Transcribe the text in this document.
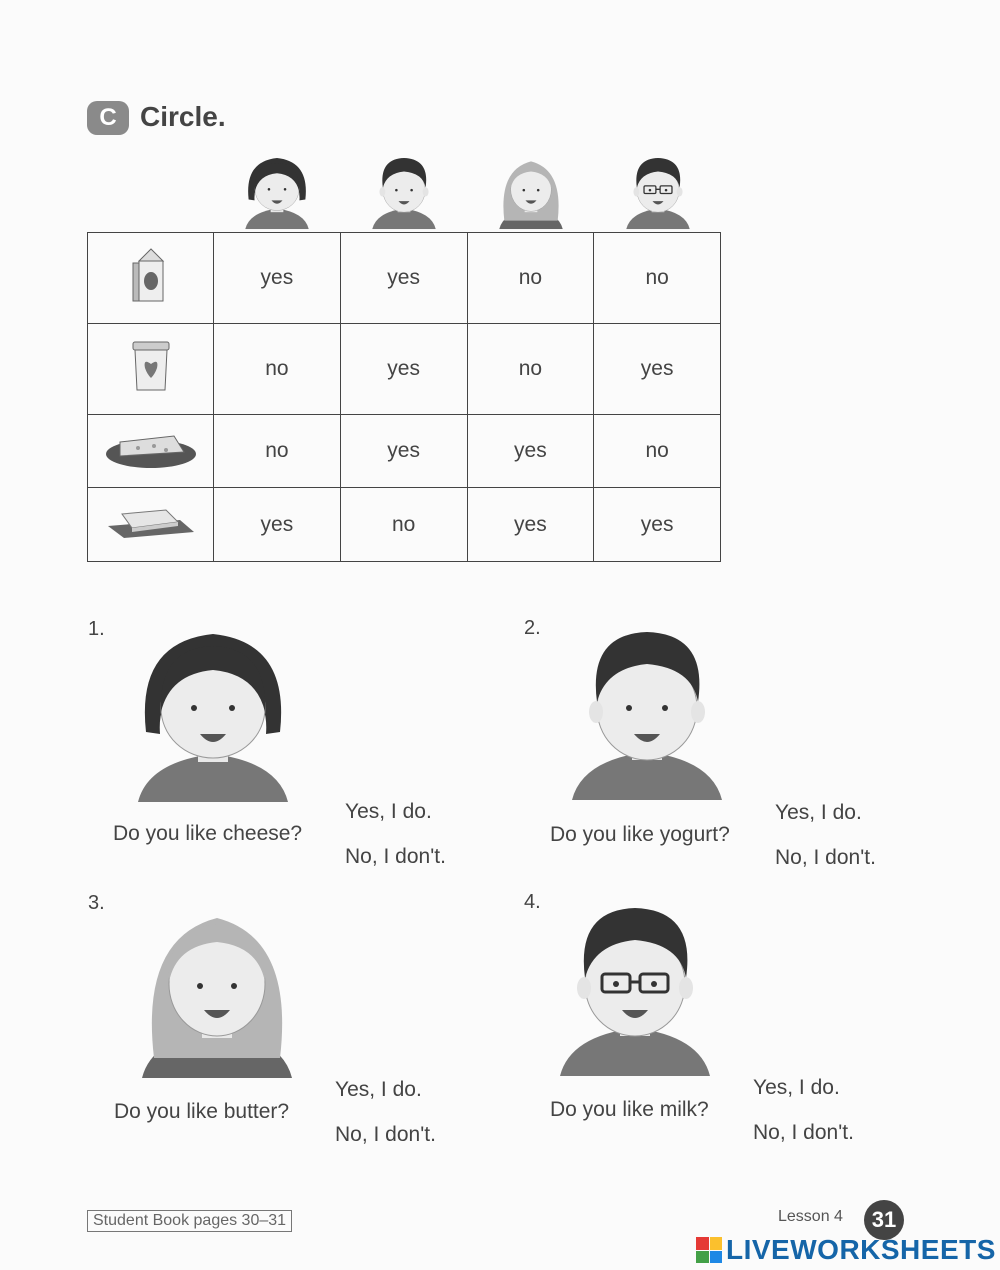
C Circle.
	yes	yes	no	no
	no	yes	no	yes
	no	yes	yes	no
	yes	no	yes	yes
1.
Do you like cheese?
Yes, I do.
No, I don't.
2.
Do you like yogurt?
Yes, I do.
No, I don't.
3.
Do you like butter?
Yes, I do.
No, I don't.
4.
Do you like milk?
Yes, I do.
No, I don't.
Student Book pages 30–31	Lesson 4	31
LIVEWORKSHEETS
